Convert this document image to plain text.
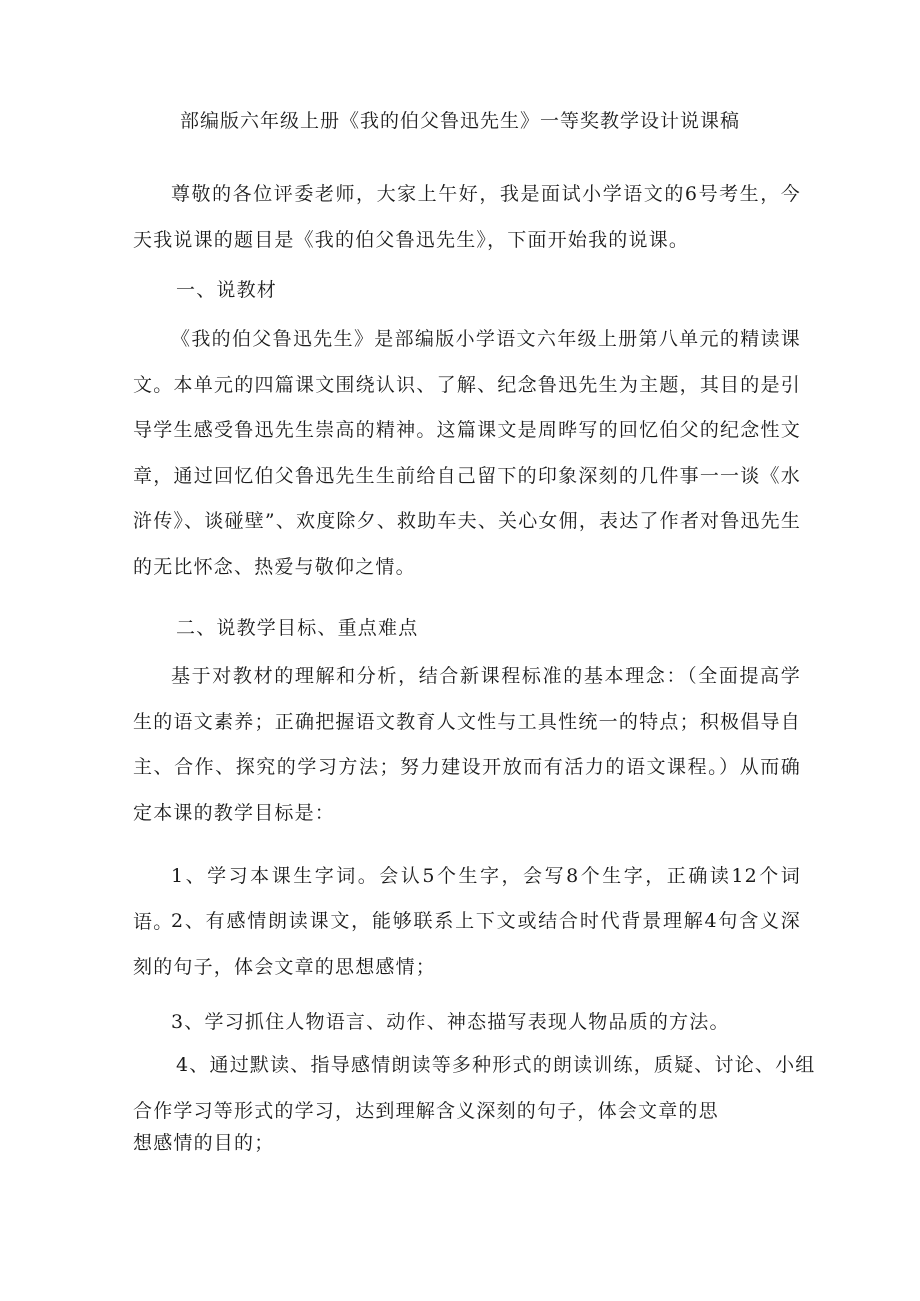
部编版六年级上册《我的伯父鲁迅先生》一等奖教学设计说课稿

尊敬的各位评委老师，大家上午好，我是面试小学语文的6号考生，今天我说课的题目是《我的伯父鲁迅先生》，下面开始我的说课。

一、说教材

《我的伯父鲁迅先生》是部编版小学语文六年级上册第八单元的精读课文。本单元的四篇课文围绕认识、了解、纪念鲁迅先生为主题，其目的是引导学生感受鲁迅先生崇高的精神。这篇课文是周晔写的回忆伯父的纪念性文章，通过回忆伯父鲁迅先生生前给自己留下的印象深刻的几件事一一谈《水浒传》、谈碰壁”、欢度除夕、救助车夫、关心女佣，表达了作者对鲁迅先生的无比怀念、热爱与敬仰之情。

二、说教学目标、重点难点

基于对教材的理解和分析，结合新课程标准的基本理念：（全面提高学生的语文素养；正确把握语文教育人文性与工具性统一的特点；积极倡导自主、合作、探究的学习方法；努力建设开放而有活力的语文课程。）从而确定本课的教学目标是：

1、学习本课生字词。会认5个生字，会写8个生字，正确读12个词语。

2、有感情朗读课文，能够联系上下文或结合时代背景理解4句含义深刻的句子，体会文章的思想感情；

3、学习抓住人物语言、动作、神态描写表现人物品质的方法。

4、通过默读、指导感情朗读等多种形式的朗读训练，质疑、讨论、小组

合作学习等形式的学习，达到理解含义深刻的句子，体会文章的思

想感情的目的；
